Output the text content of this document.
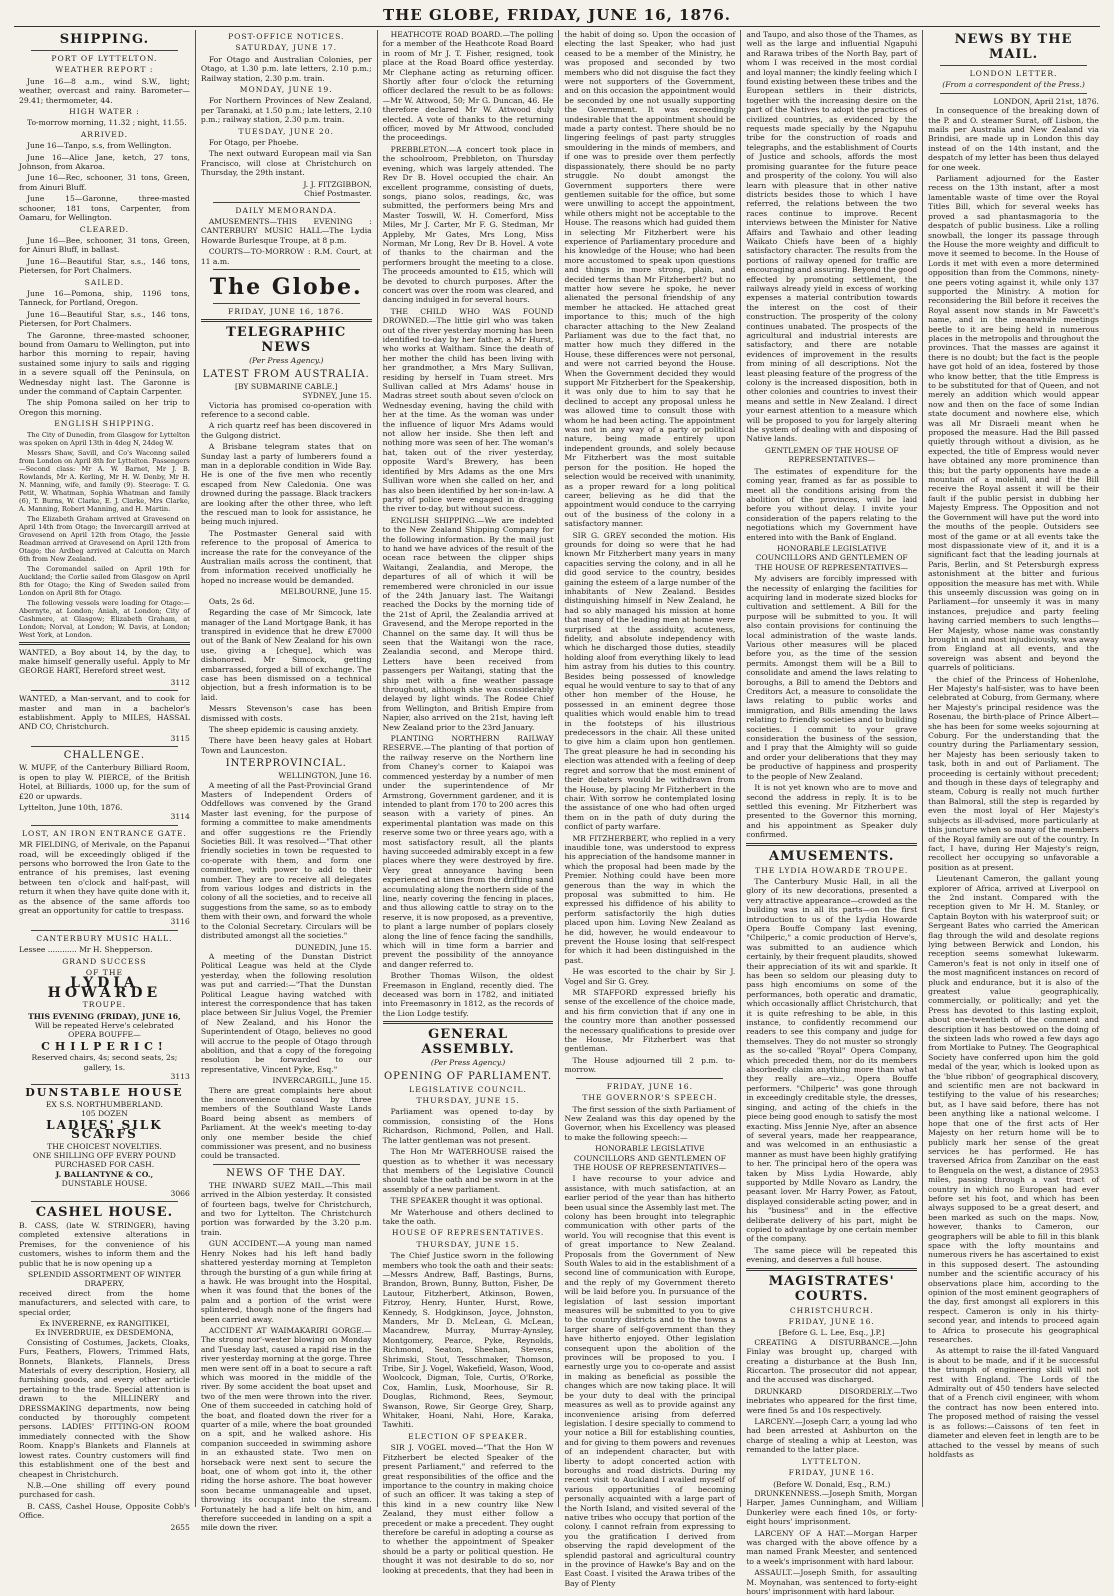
THE GLOBE, FRIDAY, JUNE 16, 1876.
SHIPPING.
PORT OF LYTTELTON.
WEATHER REPORT :

June 16—8 a.m., wind S.W., light; weather, overcast and rainy. Barometer—29.41; thermometer, 44.

HIGH WATER :

To-morrow morning, 11.32 ; night, 11.55.

ARRIVED.

June 16—Tanpo, s.s, from Wellington.

June 16—Alice Jane, ketch, 27 tons, Johnson, from Akaroa.

June 16—Rec, schooner, 31 tons, Green, from Ainuri Bluff.

June 15—Garonne, three-masted schooner, 181 tons, Carpenter, from Oamaru, for Wellington.

CLEARED.

June 16—Bee, schooner, 31 tons, Green, for Ainuri Bluff, in ballast.

June 16—Beautiful Star, s.s., 146 tons, Pietersen, for Port Chalmers.

SAILED.

June 16—Pomona, ship, 1196 tons, Tanneck, for Portland, Oregon.

June 16—Beautiful Star, s.s., 146 tons, Pietersen, for Port Chalmers.

The Garonne, three-masted schooner, bound from Oamaru to Wellington, put into harbor this morning to repair, having sustained some injury to sails and rigging in a severe squall off the Peninsula, on Wednesday night last. The Garonne is under the command of Captain Carpenter.

The ship Pomona sailed on her trip to Oregon this morning.

ENGLISH SHIPPING.

The City of Dunedin, from Glasgow for Lyttelton was spoken on April 13th in 4deg N, 24deg W.

Messrs Shaw, Savill, and Co's Waconng sailed from London on April 8th for Lyttelton. Passengers—Second class: Mr A. W. Barnet, Mr J. B. Rowlands, Mr A. Kerling, Mr H. W. Denby, Mr H. N. Manning, wife, and family (9). Steerage: T. G. Petit, W. Whatman, Sophia Whatman and family (6), T. Burns, W. Clarke, E. J. Clarke, Mrs Clarke, A. Manning, Robert Manning, and H. Martin.

The Elizabeth Graham arrived at Gravesend on April 14th from Otago; the Invercargill arrived at Gravesend on April 12th from Otago, the Jessie Readman arrived at Gravesend on April 12th from Otago; the Ardbeg arrived at Calcutta on March 6th from New Zealand.

The Coromandel sailed on April 19th for Auckland; the Corlie sailed from Glasgow on April 8th for Otago; the King of Sweden sailed from London on April 8th for Otago.

The following vessels were loading for Otago:—Abernyte, at London; Aniah, at London; City of Cashmere, at Glasgow; Elizabeth Graham, at London; Norval, at London; W. Davis, at London; West York, at London.

WANTED, a Boy about 14, by the day, to make himself generally useful. Apply to Mr GEORGE HART, Hereford street west.

3112

WANTED, a Man-servant, and to cook for master and man in a bachelor's establishment. Apply to MILES, HASSAL AND CO, Christchurch.

3115
CHALLENGE.

W. MUFF, of the Canterbury Billiard Room, is open to play W. PIERCE, of the British Hotel, at Billiards, 1000 up, for the sum of £20 or upwards.

Lyttelton, June 10th, 1876.
3114
LOST, AN IRON ENTRANCE GATE.

MR FIELDING, of Merivale, on the Papanui road, will be exceedingly obliged if the persons who borrowed the Iron Gate to the entrance of his premises, last evening between ten o'clock and half-past, will return it when they have quite done with it, as the absence of the same affords too great an opportunity for cattle to trespass.

3116
CANTERBURY MUSIC HALL.
Lessee ............ Mr H. Shepperson.
GRAND SUCCESS
OF THE
LYDIA HOWARDE
TROUPE.
THIS EVENING (FRIDAY), JUNE 16,
Will be repeated Herve's celebrated
OPERA BOUFFE—
CHILPERIC!
Reserved chairs, 4s; second seats, 2s; gallery, 1s.
3113
DUNSTABLE HOUSE
EX S.S. NORTHUMBERLAND.
105 DOZEN
LADIES' SILK SCARFS
THE CHOICEST NOVELTIES.
ONE SHILLING OFF EVERY POUND PURCHASED FOR CASH.
J. BALLANTYNE & CO.,
DUNSTABLE HOUSE.
3066
CASHEL HOUSE.

B. CASS, (late W. STRINGER), having completed extensive alterations in Premises, for the convenience of his customers, wishes to inform them and the public that he is now opening up a

SPLENDID ASSORTMENT OF WINTER DRAPERY,

received direct from the home manufacturers, and selected with care, to special order,

Ex INVERERNE, ex RANGITIKEI,
Ex INVERDRUIE, ex DESDEMONA,

Consisting of Costumes, Jackets, Cloaks, Furs, Feathers, Flowers, Trimmed Hats, Bonnets, Blankets, Flannels, Dress Materials of every description, Hosiery, all furnishing goods, and every other article pertaining to the trade. Special attention is drawn to the MILLINERY and DRESSMAKING departments, now being conducted by thoroughly competent persons. LADIES' FITTING-ON ROOM immediately connected with the Show Room. Knapp's Blankets and Flannels at lowest rates. Country customers will find this establishment one of the best and cheapest in Christchurch.

N.B.—One shilling off every pound purchased for cash.

B. CASS, Cashel House, Opposite Cobb's Office.

2655
POST-OFFICE NOTICES.
SATURDAY, JUNE 17.

For Otago and Australian Colonies, per Otago, at 1.30 p.m. late letters, 2.10 p.m.; Railway station, 2.30 p.m. train.

MONDAY, JUNE 19.

For Northern Provinces of New Zealand, per Taranaki, at 1.50 p.m.; late letters, 2.10 p.m.; railway station, 2.30 p.m. train.

TUESDAY, JUNE 20.

For Otago, per Phoebe.

The next outward European mail via San Francisco, will close at Christchurch on Thursday, the 29th instant.

J. J. FITZGIBBON,
Chief Postmaster.
DAILY MEMORANDA.

AMUSEMENTS—THIS EVENING : CANTERBURY MUSIC HALL—The Lydia Howarde Burlesque Troupe, at 8 p.m.

COURTS—TO-MORROW : R.M. Court, at 11 a.m.

The Globe.
FRIDAY, JUNE 16, 1876.
TELEGRAPHIC NEWS
(Per Press Agency.)
LATEST FROM AUSTRALIA.
[BY SUBMARINE CABLE.]
SYDNEY, June 15.

Victoria has promised co-operation with reference to a second cable.

A rich quartz reef has been discovered in the Gulgong district.

A Brisbane telegram states that on Sunday last a party of lumberers found a man in a deplorable condition in Wide Bay. He is one of the five men who recently escaped from New Caledonia. One was drowned during the passage. Black trackers are looking after the other three, who left the rescued man to look for assistance, he being much injured.

The Postmaster General said with reference to the proposal of America to increase the rate for the conveyance of the Australian mails across the continent, that from information received unofficially he hoped no increase would be demanded.

MELBOURNE, June 15.

Oats, 2s 6d.

Regarding the case of Mr Simcock, late manager of the Land Mortgage Bank, it has transpired in evidence that he drew £7000 out of the Bank of New Zealand for his own use, giving a [cheque], which was dishonored. Mr Simcock, getting embarrassed, forged a bill of exchange. The case has been dismissed on a technical objection, but a fresh information is to be laid.

Messrs Stevenson's case has been dismissed with costs.

The sheep epidemic is causing anxiety.

There have been heavy gales at Hobart Town and Launceston.

INTERPROVINCIAL.
WELLINGTON, June 16.

A meeting of all the Past-Provincial Grand Masters of Independent Orders of Oddfellows was convened by the Grand Master last evening, for the purpose of forming a committee to make amendments and offer suggestions re the Friendly Societies Bill. It was resolved—"That other friendly societies in town be requested to co-operate with them, and form one committee, with power to add to their number. They are to receive all delegates from various lodges and districts in the colony of all the societies, and to receive all suggestions from the same, so as to embody them with their own, and forward the whole to the Colonial Secretary. Circulars will be distributed amongst all the societies."

DUNEDIN, June 15.

A meeting of the Dunstan District Political League was held at the Clyde yesterday, when the following resolution was put and carried:—"That the Dunstan Political League having watched with interest the correspondence that has taken place between Sir Julius Vogel, the Premier of New Zealand, and his Honor the Superintendent of Otago, believes no good will accrue to the people of Otago through abolition, and that a copy of the foregoing resolution be forwarded to our representative, Vincent Pyke, Esq."

INVERCARGILL, June 15.

There are great complaints here about the inconvenience caused by three members of the Southland Waste Lands Board being absent as members of Parliament. At the week's meeting to-day only one member beside the chief commissioner was present, and no business could be transacted.

NEWS OF THE DAY.

THE INWARD SUEZ MAIL.—This mail arrived in the Albion yesterday. It consisted of fourteen bags, twelve for Christchurch, and two for Lyttelton. The Christchurch portion was forwarded by the 3.20 p.m. train.

GUN ACCIDENT.—A young man named Henry Nokes had his left hand badly shattered yesterday morning at Templeton through the bursting of a gun while firing at a hawk. He was brought into the Hospital, when it was found that the bones of the palm and a portion of the wrist were splintered, though none of the fingers had been carried away.

ACCIDENT AT WAIMAKARIRI GORGE.—The strong nor'-wester blowing on Monday and Tuesday last, caused a rapid rise in the river yesterday morning at the gorge. Three men were sent off in a boat to secure a raft which was moored in the middle of the river. By some accident the boat upset and two of the men were thrown into the river. One of them succeeded in catching hold of the boat, and floated down the river for a quarter of a mile, where the boat grounded on a spit, and he walked ashore. His companion succeeded in swimming ashore in an exhausted state. Two men on horseback were next sent to secure the boat, one of whom got into it, the other riding the horse ashore. The boat however soon became unmanageable and upset, throwing its occupant into the stream. Fortunately he had a life belt on him, and therefore succeeded in landing on a spit a mile down the river.

HEATHCOTE ROAD BOARD.—The polling for a member of the Heathcote Road Board in room of Mr J. T. Fisher, resigned, took place at the Road Board office yesterday. Mr Clephane acting as returning officer. Shortly after four o'clock the returning officer declared the result to be as follows:—Mr W. Attwood, 50; Mr G. Duncan, 46. He therefore declared Mr W. Attwood duly elected. A vote of thanks to the returning officer, moved by Mr Attwood, concluded the proceedings.

PREBBLETON.—A concert took place in the schoolroom, Prebbleton, on Thursday evening, which was largely attended. The Rev Dr B. Hovel occupied the chair. An excellent programme, consisting of duets, songs, piano solos, readings, &c, was submitted, the performers being Mrs and Master Toswill, W. H. Comerford, Miss Miles, Mr J. Carter, Mr F. G. Stedman, Mr Appleby, Mr Gates, Mrs Long, Miss Norman, Mr Long, Rev Dr B. Hovel. A vote of thanks to the chairman and the performers brought the meeting to a close. The proceeds amounted to £15, which will be devoted to church purposes. After the concert was over the room was cleared, and dancing indulged in for several hours.

THE CHILD WHO WAS FOUND DROWNED.—The little girl who was taken out of the river yesterday morning has been identified to-day by her father, a Mr Hurst, who works at Waltham. Since the death of her mother the child has been living with her grandmother, a Mrs Mary Sullivan, residing by herself in Tuam street. Mrs Sullivan called at Mrs Adams' house in Madras street south about seven o'clock on Wednesday evening, having the child with her at the time. As the woman was under the influence of liquor Mrs Adams would not allow her inside. She then left and nothing more was seen of her. The woman's hat, taken out of the river yesterday, opposite Ward's Brewery, has been identified by Mrs Adams as the one Mrs Sullivan wore when she called on her, and has also been identified by her son-in-law. A party of police were engaged in dragging the river to-day, but without success.

ENGLISH SHIPPING.—We are indebted to the New Zealand Shipping Company for the following information. By the mail just to hand we have advices of the result of the ocean race between the clipper ships Waitangi, Zealandia, and Merope, the departures of all of which it will be remembered were chronicled in our issue of the 24th January last. The Waitangi reached the Docks by the morning tide of the 21st of April, the Zealandia arrived at Gravesend, and the Merope reported in the Channel on the same day. It will thus be seen that the Waitangi won the race, Zealandia second, and Merope third. Letters have been received from passengers per Waitangi, stating that the ship met with a fine weather passage throughout, although she was considerably delayed by light winds. The Rodee Chief from Wellington, and British Empire from Napier, also arrived on the 21st, having left New Zealand prior to the 23rd January.

PLANTING NORTHERN RAILWAY RESERVE.—The planting of that portion of the railway reserve on the Northern line from Chaney's corner to Kaiapoi was commenced yesterday by a number of men under the superintendence of Mr Armstrong, Government gardener, and it is intended to plant from 170 to 200 acres this season with a variety of pines. An experimental plantation was made on this reserve some two or three years ago, with a most satisfactory result, all the plants having succeeded admirably except in a few places where they were destroyed by fire. Very great annoyance having been experienced at times from the drifting sand accumulating along the northern side of the line, nearly covering the fencing in places, and thus allowing cattle to stray on to the reserve, it is now proposed, as a preventive, to plant a large number of poplars closely along the line of fence facing the sandhills, which will in time form a barrier and prevent the possibility of the annoyance and danger referred to.

Brother Thomas Wilson, the oldest Freemason in England, recently died. The deceased was born in 1782, and initiated into Freemasonry in 1812, as the records of the Lion Lodge testify.

GENERAL ASSEMBLY.
(Per Press Agency.)
OPENING OF PARLIAMENT.
LEGISLATIVE COUNCIL.
THURSDAY, JUNE 15.

Parliament was opened to-day by commission, consisting of the Hons Richardson, Richmond, Pollen, and Hall. The latter gentleman was not present.

The Hon Mr WATERHOUSE raised the question as to whether it was necessary that members of the Legislative Council should take the oath and be sworn in at the assembly of a new parliament.

THE SPEAKER thought it was optional.

Mr Waterhouse and others declined to take the oath.

HOUSE OF REPRESENTATIVES.
THURSDAY, JUNE 15.

The Chief Justice sworn in the following members who took the oath and their seats:—Messrs Andrew, Baff, Bastings, Burns, Brandon, Brown, Bunny, Button, Fisher, De Lautour, Fitzherbert, Atkinson, Bowen, Fitzroy, Henry, Hunter, Hurst, Rowe, Kennedy, S. Hodgkinson, Joyce, Johnston, Manders, Mr D. McLean, G. McLean, Macandrew, Murray, Murray-Aynsley, Montgomery, Pearce, Pyke, Reynolds, Richmond, Seaton, Sheehan, Stevens, Shrimski, Stout, Tesschmaker, Thomson, Tribe, Sir J. Vogel, Wakefield, Wason, Wood, Woolcock, Digman, Tole, Curtis, O'Rorke, Cox, Hamlin, Lusk, Moorhouse, Sir R. Douglas, Richmond, Rees, Seymour, Swanson, Rowe, Sir George Grey, Sharp, Whitaker, Hoani, Nahi, Hore, Karaka, Tawhiti.

ELECTION OF SPEAKER.

SIR J. VOGEL moved—"That the Hon W Fitzherbert be elected Speaker of the present Parliament," and referred to the great responsibilities of the office and the importance to the country in making choice of such an officer. It was taking a step of this kind in a new country like New Zealand, they must either follow a precedent or make a precedent. They ought therefore be careful in adopting a course as to whether the appointment of Speaker should be a party or political question. He thought it was not desirable to do so, nor looking at precedents, that they had been in

the habit of doing so. Upon the occasion of electing the last Speaker, who had just ceased to be a member of the Ministry, he was proposed and seconded by two members who did not disguise the fact they were not supporters of the Government, and on this occasion the appointment would be seconded by one not usually supporting the Government. It was exceedingly undesirable that the appointment should be made a party contest. There should be no lingering feelings of past party struggles smouldering in the minds of members, and if one was to preside over them perfectly dispassionately, there should be no party struggle. No doubt amongst the Government supporters there were gentlemen suitable for the office, but some were unwilling to accept the appointment, while others might not be acceptable to the House. The reasons which had guided them in selecting Mr Fitzherbert were his experience of Parliamentary procedure and his knowledge of the House; who had been more accustomed to speak upon questions and things in more strong, plain, and decided terms than Mr Fitzherbert? but no matter how severe he spoke, he never alienated the personal friendship of any member he attacked. He attached great importance to this; much of the high character attaching to the New Zealand Parliament was due to the fact that, no matter how much they differed in the House, these differences were not personal, and were not carried beyond the House. When the Government decided they would support Mr Fitzherbert for the Speakership, it was only due to him to say that he declined to accept any proposal unless he was allowed time to consult those with whom he had been acting. The appointment was not in any way of a party or political nature, being made entirely upon independent grounds, and solely because Mr Fitzherbert was the most suitable person for the position. He hoped the selection would be received with unanimity, as a proper reward for a long political career, believing as he did that the appointment would conduce to the carrying out of the business of the colony in a satisfactory manner.

SIR G. GREY seconded the motion. His grounds for doing so were that he had known Mr Fitzherbert many years in many capacities serving the colony, and in all he did good service to the country, besides gaining the esteem of a large number of the inhabitants of New Zealand. Besides distinguishing himself in New Zealand, he had so ably managed his mission at home that many of the leading men at home were surprised at the assiduity, acuteness, fidelity, and absolute independency with which he discharged those duties, steadily holding aloof from everything likely to lead him astray from his duties to this country. Besides being possessed of knowledge equal he would venture to say to that of any other hon member of the House, he possessed in an eminent degree those qualities which would enable him to tread in the footsteps of his illustrious predecessors in the chair. All these united to give him a claim upon hon gentlemen. The great pleasure he had in seconding his election was attended with a feeling of deep regret and sorrow that the most eminent of their debaters would be withdrawn from the House, by placing Mr Fitzherbert in the chair. With sorrow he contemplated losing the assistance of one who had often urged them on in the path of duty during the conflict of party warfare.

MR FITZHERBERT, who replied in a very inaudible tone, was understood to express his appreciation of the handsome manner in which the proposal had been made by the Premier. Nothing could have been more generous than the way in which the proposal was submitted to him. He expressed his diffidence of his ability to perform satisfactorily the high duties placed upon him. Loving New Zealand as he did, however, he would endeavour to prevent the House losing that self-respect for which it had been distinguished in the past.

He was escorted to the chair by Sir J. Vogel and Sir G. Grey.

MR STAFFORD expressed briefly his sense of the excellence of the choice made, and his firm conviction that if any one in the country more than another possessed the necessary qualifications to preside over the House, Mr Fitzherbert was that gentleman.

The House adjourned till 2 p.m. to-morrow.

FRIDAY, JUNE 16.
THE GOVERNOR'S SPEECH.

The first session of the sixth Parliament of New Zealand was this day opened by the Governor, when his Excellency was pleased to make the following speech:—

HONORABLE LEGISLATIVE COUNCILLORS AND GENTLEMEN OF THE HOUSE OF REPRESENTATIVES—

I have recourse to your advice and assistance, with much satisfaction, at an earlier period of the year than has hitherto been usual since the Assembly last met. The colony has been brought into telegraphic communication with other parts of the world. You will recognise that this event is of great importance to New Zealand. Proposals from the Government of New South Wales to aid in the establishment of a second line of communication with Europe, and the reply of my Government thereto will be laid before you. In pursuance of the legislation of last session important measures will be submitted to you to give to the country districts and to the towns a larger share of self-government than they have hitherto enjoyed. Other legislation consequent upon the abolition of the provinces will be proposed to you. I earnestly urge you to co-operate and assist in making as beneficial as possible the changes which are now taking place. It will be your duty to deal with the principal measures as well as to provide against any inconvenience arising from deferred legislation. I desire specially to commend to your notice a Bill for establishing counties, and for giving to them powers and revenues of an independent character, but with liberty to adopt concerted action with boroughs and road districts. During my recent visit to Auckland I availed myself of various opportunities of becoming personally acquainted with a large part of the North Island, and visited several of the native tribes who occupy that portion of the colony. I cannot refrain from expressing to you the gratification I derived from observing the rapid development of the splendid pastoral and agricultural country in the province of Hawke's Bay and on the East Coast. I visited the Arawa tribes of the Bay of Plenty

and Taupo, and also those of the Thames, as well as the large and influential Ngapuhi and Rarawa tribes of the North Bay, part of whom I was received in the most cordial and loyal manner; the kindly feeling which I found existing between these tribes and the European settlers in their districts, together with the increasing desire on the part of the Natives to adopt the practices of civilized countries, as evidenced by the requests made specially by the Ngapuhu tribe for the construction of roads and telegraphs, and the establishment of Courts of Justice and schools, affords the most promising guarantee for the future peace and prosperity of the colony. You will also learn with pleasure that in other native districts besides those to which I have referred, the relations between the two races continue to improve. Recent interviews between the Minister for Native Affairs and Tawhaio and other leading Waikato Chiefs have been of a highly satisfactory character. The results from the portions of railway opened for traffic are encouraging and assuring. Beyond the good effected by promoting settlement, the railways already yield in excess of working expenses a material contribution towards the interest on the cost of their construction. The prosperity of the colony continues unabated. The prospects of the agricultural and industrial interests are satisfactory, and there are notable evidences of improvement in the results from mining of all descriptions. Not the least pleasing feature of the progress of the colony is the increased disposition, both in other colonies and countries to invest their means and settle in New Zealand. I direct your earnest attention to a measure which will be proposed to you for largely altering the system of dealing with and disposing of Native lands.

GENTLEMEN OF THE HOUSE OF REPRESENTATIVES—

The estimates of expenditure for the coming year, framed as far as possible to meet all the conditions arising from the abolition of the provinces, will be laid before you without delay. I invite your consideration of the papers relating to the negotiations which my Government have entered into with the Bank of England.

HONORABLE LEGISLATIVE COUNCILLORS AND GENTLEMEN OF THE HOUSE OF REPRESENTATIVES—

My advisers are forcibly impressed with the necessity of enlarging the facilities for acquiring land in moderate sized blocks for cultivation and settlement. A Bill for the purpose will be submitted to you. It will also contain provisions for continuing the local administration of the waste lands. Various other measures will be placed before you, as the time of the session permits. Amongst them will be a Bill to consolidate and amend the laws relating to boroughs, a Bill to amend the Debtors and Creditors Act, a measure to consolidate the laws relating to public works and immigration, and Bills amending the laws relating to friendly societies and to building societies. I commit to your grave consideration the business of the session, and I pray that the Almighty will so guide and order your deliberations that they may be productive of happiness and prosperity to the people of New Zealand.

It is not yet known who are to move and second the address in reply. It is to be settled this evening. Mr Fitzherbert was presented to the Governor this morning, and his appointment as Speaker duly confirmed.

AMUSEMENTS.
THE LYDIA HOWARDE TROUPE.

The Canterbury Music Hall, in all the glory of its new decorations, presented a very attractive appearance—crowded as the building was in all its parts—on the first introduction to us of the Lydia Howarde Opera Bouffe Company last evening, "Chilperic," a comic production of Herve's, was submitted to an audience which certainly, by their frequent plaudits, showed their appreciation of its wit and sparkle. It has been so seldom our pleasing duty to pass high encomiums on some of the performances, both operatic and dramatic, which occasionally afflict Christchurch, that it is quite refreshing to be able, in this instance, to confidently recommend our readers to see this company and judge for themselves. They do not muster so strongly as the so-called "Royal" Opera Company, which preceded them, nor do its members absorbedly claim anything more than what they really are—viz., Opera Bouffe performers. "Chilperic" was gone through in exceedingly creditable style, the dresses, singing, and acting of the chiefs in the piece being good enough to satisfy the most exacting. Miss Jennie Nye, after an absence of several years, made her reappearance, and was welcomed in an enthusiastic a manner as must have been highly gratifying to her. The principal hero of the opera was taken by Miss Lydia Howarde, ably supported by Mdlle Novaro as Landry, the peasant lover. Mr Harry Power, as Fatout, displayed considerable acting power, and in his "business" and in the effective deliberate delivery of his part, might be copied to advantage by one certain member of the company.

The same piece will be repeated this evening, and deserves a full house.

MAGISTRATES' COURTS.
CHRISTCHURCH.
FRIDAY, JUNE 16.
[Before G. L. Lee, Esq., J.P.]

CREATING A DISTURBANCE.—John Finlay was brought up, charged with creating a disturbance at the Bush Inn, Riccarton. The prosecutor did not appear, and the accused was discharged.

DRUNKARD DISORDERLY.—Two inebriates who appeared for the first time, were fined 5s and 10s respectively.

LARCENY.—Joseph Carr, a young lad who had been arrested at Ashburton on the charge of stealing a whip at Leeston, was remanded to the latter place.

LYTTELTON.
FRIDAY, JUNE 16.
(Before W. Donald, Esq., R.M.)

DRUNKENNESS.—Joseph Smith, Morgan Harper, James Cunningham, and William Dunkerley were each fined 10s, or forty-eight hours' imprisonment.

LARCENY OF A HAT.—Morgan Harper was charged with the above offence by a man named Frank Meester, and sentenced to a week's imprisonment with hard labour.

ASSAULT.—Joseph Smith, for assaulting M. Moynahan, was sentenced to forty-eight hours' imprisonment with hard labour.

NEWS BY THE MAIL.
LONDON LETTER.
(From a correspondent of the Press.)
LONDON, April 21st, 1876.

In consequence of the breaking down of the P. and O. steamer Surat, off Lisbon, the mails per Australia and New Zealand via Brindisi, are made up in London this day instead of on the 14th instant, and the despatch of my letter has been thus delayed for one week.

Parliament adjourned for the Easter recess on the 13th instant, after a most lamentable waste of time over the Royal Titles Bill, which for several weeks has proved a sad phantasmagoria to the despatch of public business. Like a rolling snowball, the longer its passage through the House the more weighty and difficult to move it seemed to become. In the House of Lords it met with even a more determined opposition than from the Commons, ninety-one peers voting against it, while only 137 supported the Ministry. A motion for reconsidering the Bill before it receives the Royal assent now stands in Mr Fawcett's name, and in the meanwhile meetings beetle to it are being held in numerous places in the metropolis and throughout the provinces. That the masses are against it there is no doubt; but the fact is the people have got hold of an idea, fostered by those who know better, that the title Empress is to be substituted for that of Queen, and not merely an addition which would appear now and then on the face of some Indian state document and nowhere else, which was all Mr Disraeli meant when he proposed the measure. Had the Bill passed quietly through without a division, as he expected, the title of Empress would never have obtained any more prominence than this; but the party opponents have made a mountain of a molehill, and if the Bill receive the Royal assent it will be their fault if the public persist in dubbing her Majesty Empress. The Opposition and not the Government will have put the word into the mouths of the people. Outsiders see most of the game or at all events take the most dispassionate view of it, and it is a significant fact that the leading journals at Paris, Berlin, and St Petersburgh express astonishment at the bitter and furious opposition the measure has met with. While this unseemly discussion was going on in Parliament—for unseemly it was in many instances, prejudice and party feeling having carried members to such lengths—Her Majesty, whose name was constantly brought in and most injudiciously, was away from England at all events, and the sovereign was absent and beyond the quarrels of politicians.

the chief of the Princess of Hohenlohe, Her Majesty's half-sister, was to have been celebrated at Coburg, from Germany, where her Majesty's principal residence was the Rosenau, the birth-place of Prince Albert—she has been for some weeks sojourning at Coburg. For the understanding that the country during the Parliamentary session, her Majesty has been seriously taken to task, both in and out of Parliament. The proceeding is certainly without precedent; and though in these days of telegraphy and steam, Coburg is really not much further than Balmoral, still the step is regarded by even the most loyal of Her Majesty's subjects as ill-advised, more particularly at this juncture when so many of the members of the Royal family are out of the country. In fact, I have, during Her Majesty's reign, recollect her occupying so unfavorable a position as at present.

Lieutenant Cameron, the gallant young explorer of Africa, arrived at Liverpool on the 2nd instant. Compared with the reception given to Mr H. M. Stanley, or Captain Boyton with his waterproof suit; or Sergeant Bates who carried the American flag through the wild and desolate regions lying between Berwick and London, his reception seems somewhat lukewarm. Cameron's feat is not only in itself one of the most magnificent instances on record of pluck and endurance, but it is also of the greatest value geographically, commercially, or politically; and yet the Press has devoted to this lasting exploit, about one-twentieth of the comment and description it has bestowed on the doing of the sixteen lads who rowed a few days ago from Mortlake to Putney. The Geographical Society have conferred upon him the gold medal of the year, which is looked upon as the 'blue ribbon' of geographical discovery, and scientific men are not backward in testifying to the value of his researches; but, as I have said before, there has not been anything like a national welcome. I hope that one of the first acts of Her Majesty on her return home will be to publicly mark her sense of the great services he has performed. He has traversed Africa from Zanzibar on the east to Benguela on the west, a distance of 2953 miles, passing through a vast tract of country in which no European had ever before set his foot, and which has been always supposed to be a great desert, and been marked as such on the maps. Now, however, thanks to Cameron, our geographers will be able to fill in this blank space with the lofty mountains and numerous rivers he has ascertained to exist in this supposed desert. The astounding number and the scientific accuracy of his observations place him, according to the opinion of the most eminent geographers of the day, first amongst all explorers in this respect. Cameron is only in his thirty-second year, and intends to proceed again to Africa to prosecute his geographical researches.

As attempt to raise the ill-fated Vanguard is about to be made, and if it be successful the triumph of engineering skill will not rest with England. The Lords of the Admiralty out of 450 tenders have selected that of a French civil engineer, with whom the contract has now been entered into. The proposed method of raising the vessel is as follows:—Caissons of ten feet in diameter and eleven feet in length are to be attached to the vessel by means of such holdfasts as
